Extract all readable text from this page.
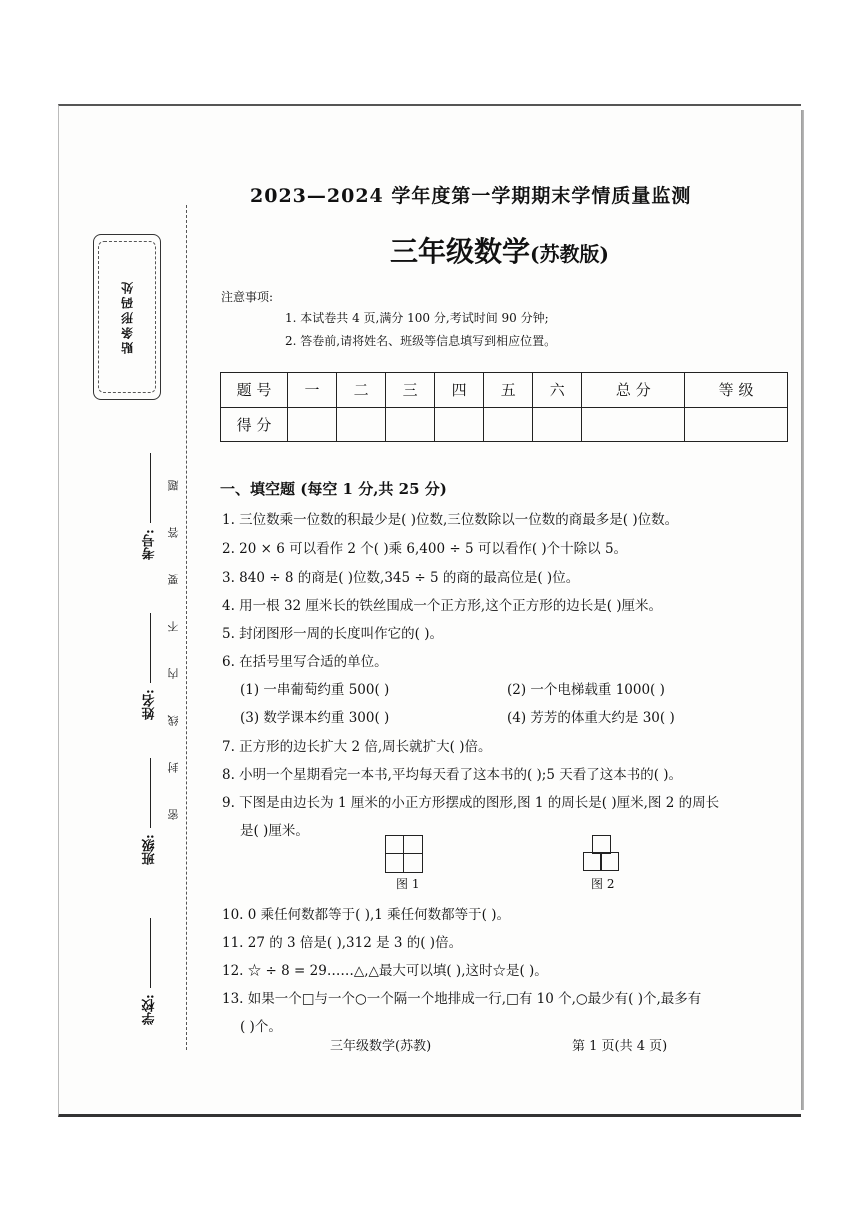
贴条形码处
密
封
线
内
不
要
答
题
学校:
班级:
姓名:
考号:
2023—2024 学年度第一学期期末学情质量监测
三年级数学(苏教版)
注意事项:
1. 本试卷共 4 页,满分 100 分,考试时间 90 分钟;
2. 答卷前,请将姓名、班级等信息填写到相应位置。
题 号	一	二	三	四	五	六	总 分	等 级
得 分								
一、填空题 (每空 1 分,共 25 分)
1. 三位数乘一位数的积最少是( )位数,三位数除以一位数的商最多是( )位数。
2. 20 × 6 可以看作 2 个( )乘 6,400 ÷ 5 可以看作( )个十除以 5。
3. 840 ÷ 8 的商是( )位数,345 ÷ 5 的商的最高位是( )位。
4. 用一根 32 厘米长的铁丝围成一个正方形,这个正方形的边长是( )厘米。
5. 封闭图形一周的长度叫作它的( )。
6. 在括号里写合适的单位。
(1) 一串葡萄约重 500( )	(2) 一个电梯载重 1000( )
(3) 数学课本约重 300( )	(4) 芳芳的体重大约是 30( )
7. 正方形的边长扩大 2 倍,周长就扩大( )倍。
8. 小明一个星期看完一本书,平均每天看了这本书的( );5 天看了这本书的( )。
9. 下图是由边长为 1 厘米的小正方形摆成的图形,图 1 的周长是( )厘米,图 2 的周长
是( )厘米。
图 1	图 2
10. 0 乘任何数都等于( ),1 乘任何数都等于( )。
11. 27 的 3 倍是( ),312 是 3 的( )倍。
12. ☆ ÷ 8 = 29……△,△最大可以填( ),这时☆是( )。
13. 如果一个□与一个○一个隔一个地排成一行,□有 10 个,○最少有( )个,最多有
( )个。
三年级数学(苏教)	第 1 页(共 4 页)
